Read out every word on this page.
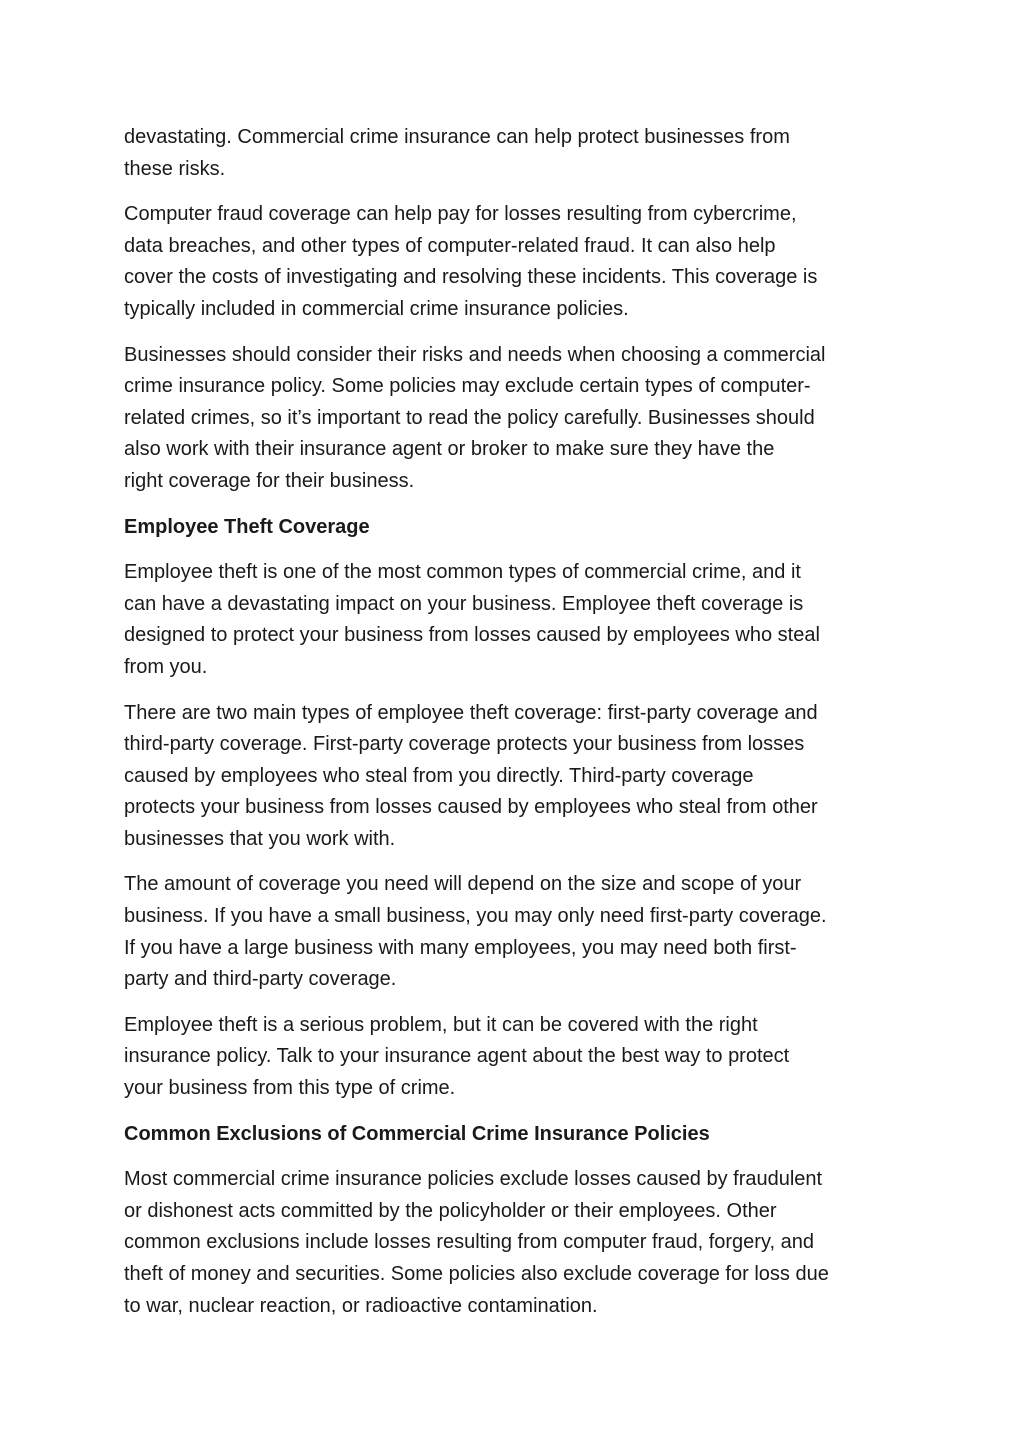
devastating. Commercial crime insurance can help protect businesses from

these risks.

Computer fraud coverage can help pay for losses resulting from cybercrime,

data breaches, and other types of computer-related fraud. It can also help

cover the costs of investigating and resolving these incidents. This coverage is

typically included in commercial crime insurance policies.

Businesses should consider their risks and needs when choosing a commercial

crime insurance policy. Some policies may exclude certain types of computer-

related crimes, so it’s important to read the policy carefully. Businesses should

also work with their insurance agent or broker to make sure they have the

right coverage for their business.

Employee Theft Coverage

Employee theft is one of the most common types of commercial crime, and it

can have a devastating impact on your business. Employee theft coverage is

designed to protect your business from losses caused by employees who steal

from you.

There are two main types of employee theft coverage: first-party coverage and

third-party coverage. First-party coverage protects your business from losses

caused by employees who steal from you directly. Third-party coverage

protects your business from losses caused by employees who steal from other

businesses that you work with.

The amount of coverage you need will depend on the size and scope of your

business. If you have a small business, you may only need first-party coverage.

If you have a large business with many employees, you may need both first-

party and third-party coverage.

Employee theft is a serious problem, but it can be covered with the right

insurance policy. Talk to your insurance agent about the best way to protect

your business from this type of crime.

Common Exclusions of Commercial Crime Insurance Policies

Most commercial crime insurance policies exclude losses caused by fraudulent

or dishonest acts committed by the policyholder or their employees. Other

common exclusions include losses resulting from computer fraud, forgery, and

theft of money and securities. Some policies also exclude coverage for loss due

to war, nuclear reaction, or radioactive contamination.
